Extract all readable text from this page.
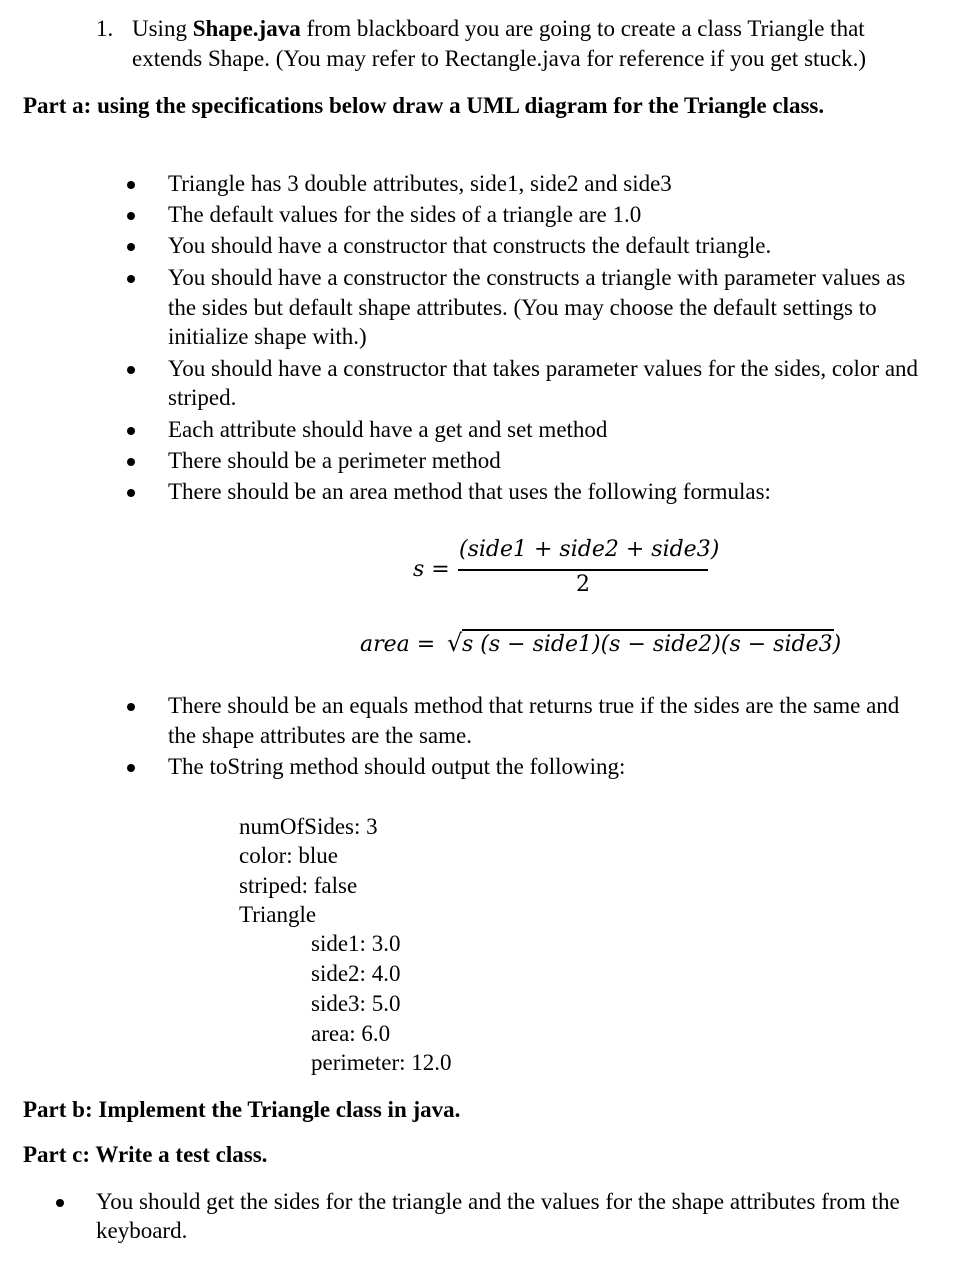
1. Using Shape.java from blackboard you are going to create a class Triangle that
extends Shape. (You may refer to Rectangle.java for reference if you get stuck.)
Part a: using the specifications below draw a UML diagram for the Triangle class.
Triangle has 3 double attributes, side1, side2 and side3
The default values for the sides of a triangle are 1.0
You should have a constructor that constructs the default triangle.
You should have a constructor the constructs a triangle with parameter values as
the sides but default shape attributes. (You may choose the default settings to
initialize shape with.)
You should have a constructor that takes parameter values for the sides, color and
striped.
Each attribute should have a get and set method
There should be a perimeter method
There should be an area method that uses the following formulas:
s =
(side1 + side2 + side3)
2
area = √ s (s − side1)(s − side2)(s − side3)
There should be an equals method that returns true if the sides are the same and
the shape attributes are the same.
The toString method should output the following:
numOfSides: 3
color: blue
striped: false
Triangle
side1: 3.0
side2: 4.0
side3: 5.0
area: 6.0
perimeter: 12.0
Part b: Implement the Triangle class in java.
Part c: Write a test class.
You should get the sides for the triangle and the values for the shape attributes from the
keyboard.
